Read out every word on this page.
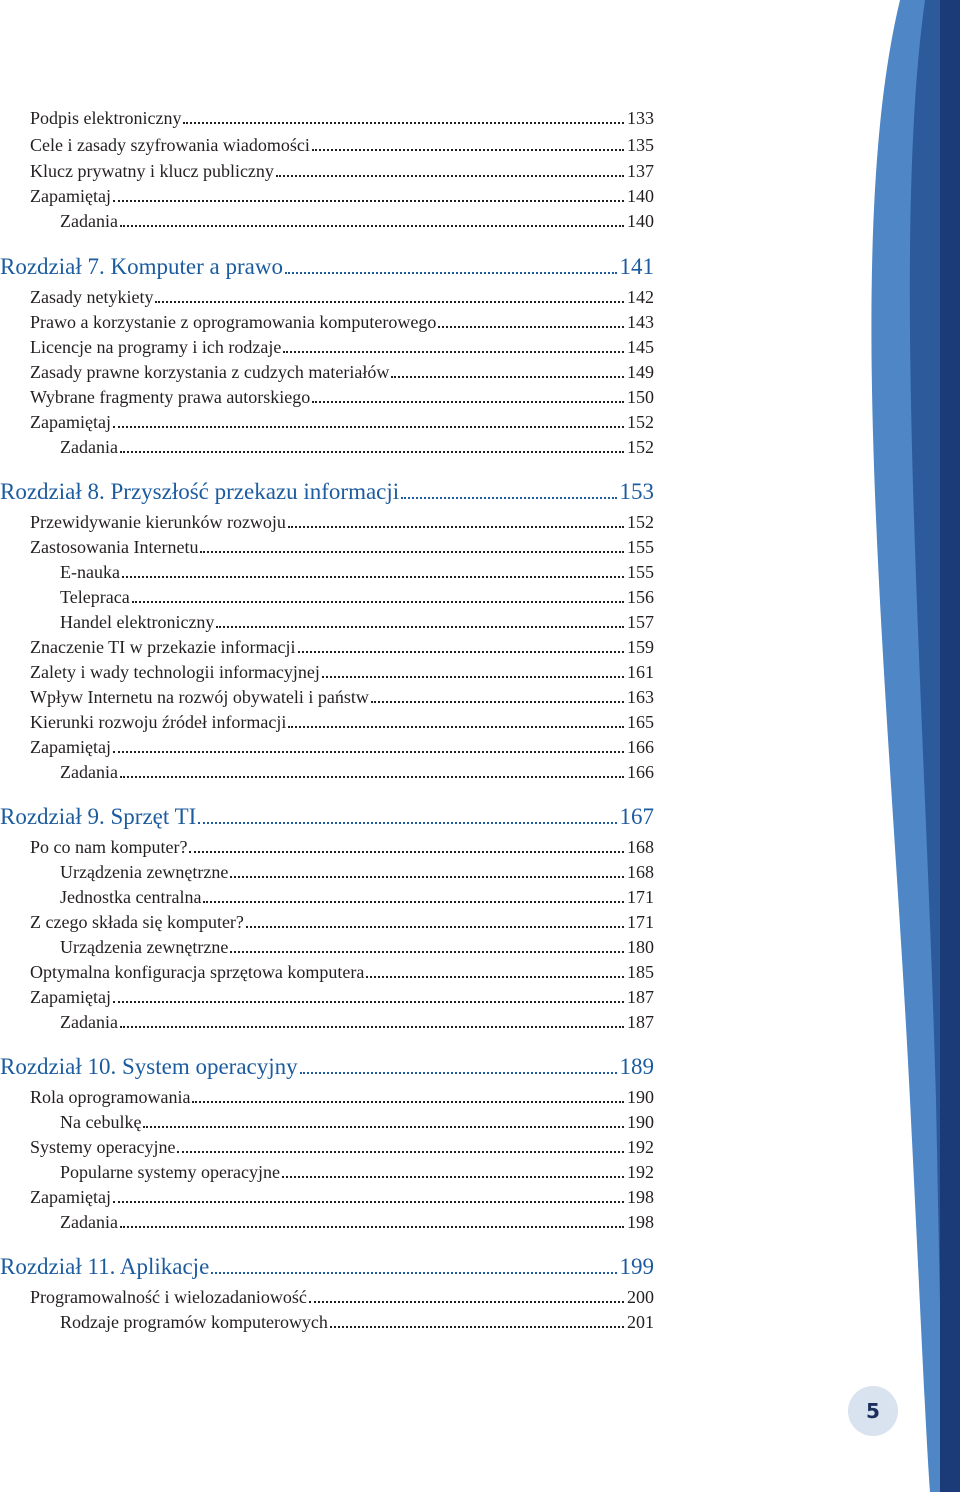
Podpis elektroniczny	133
Cele i zasady szyfrowania wiadomości	135
Klucz prywatny i klucz publiczny	137
Zapamiętaj	140
Zadania	140
Rozdział 7. Komputer a prawo	141
Zasady netykiety	142
Prawo a korzystanie z oprogramowania komputerowego	143
Licencje na programy i ich rodzaje	145
Zasady prawne korzystania z cudzych materiałów	149
Wybrane fragmenty prawa autorskiego	150
Zapamiętaj	152
Zadania	152
Rozdział 8. Przyszłość przekazu informacji	153
Przewidywanie kierunków rozwoju	152
Zastosowania Internetu	155
E-nauka	155
Telepraca	156
Handel elektroniczny	157
Znaczenie TI w przekazie informacji	159
Zalety i wady technologii informacyjnej	161
Wpływ Internetu na rozwój obywateli i państw	163
Kierunki rozwoju źródeł informacji	165
Zapamiętaj	166
Zadania	166
Rozdział 9. Sprzęt TI	167
Po co nam komputer?	168
Urządzenia zewnętrzne	168
Jednostka centralna	171
Z czego składa się komputer?	171
Urządzenia zewnętrzne	180
Optymalna konfiguracja sprzętowa komputera	185
Zapamiętaj	187
Zadania	187
Rozdział 10. System operacyjny	189
Rola oprogramowania	190
Na cebulkę	190
Systemy operacyjne	192
Popularne systemy operacyjne	192
Zapamiętaj	198
Zadania	198
Rozdział 11. Aplikacje	199
Programowalność i wielozadaniowość	200
Rodzaje programów komputerowych	201
5
